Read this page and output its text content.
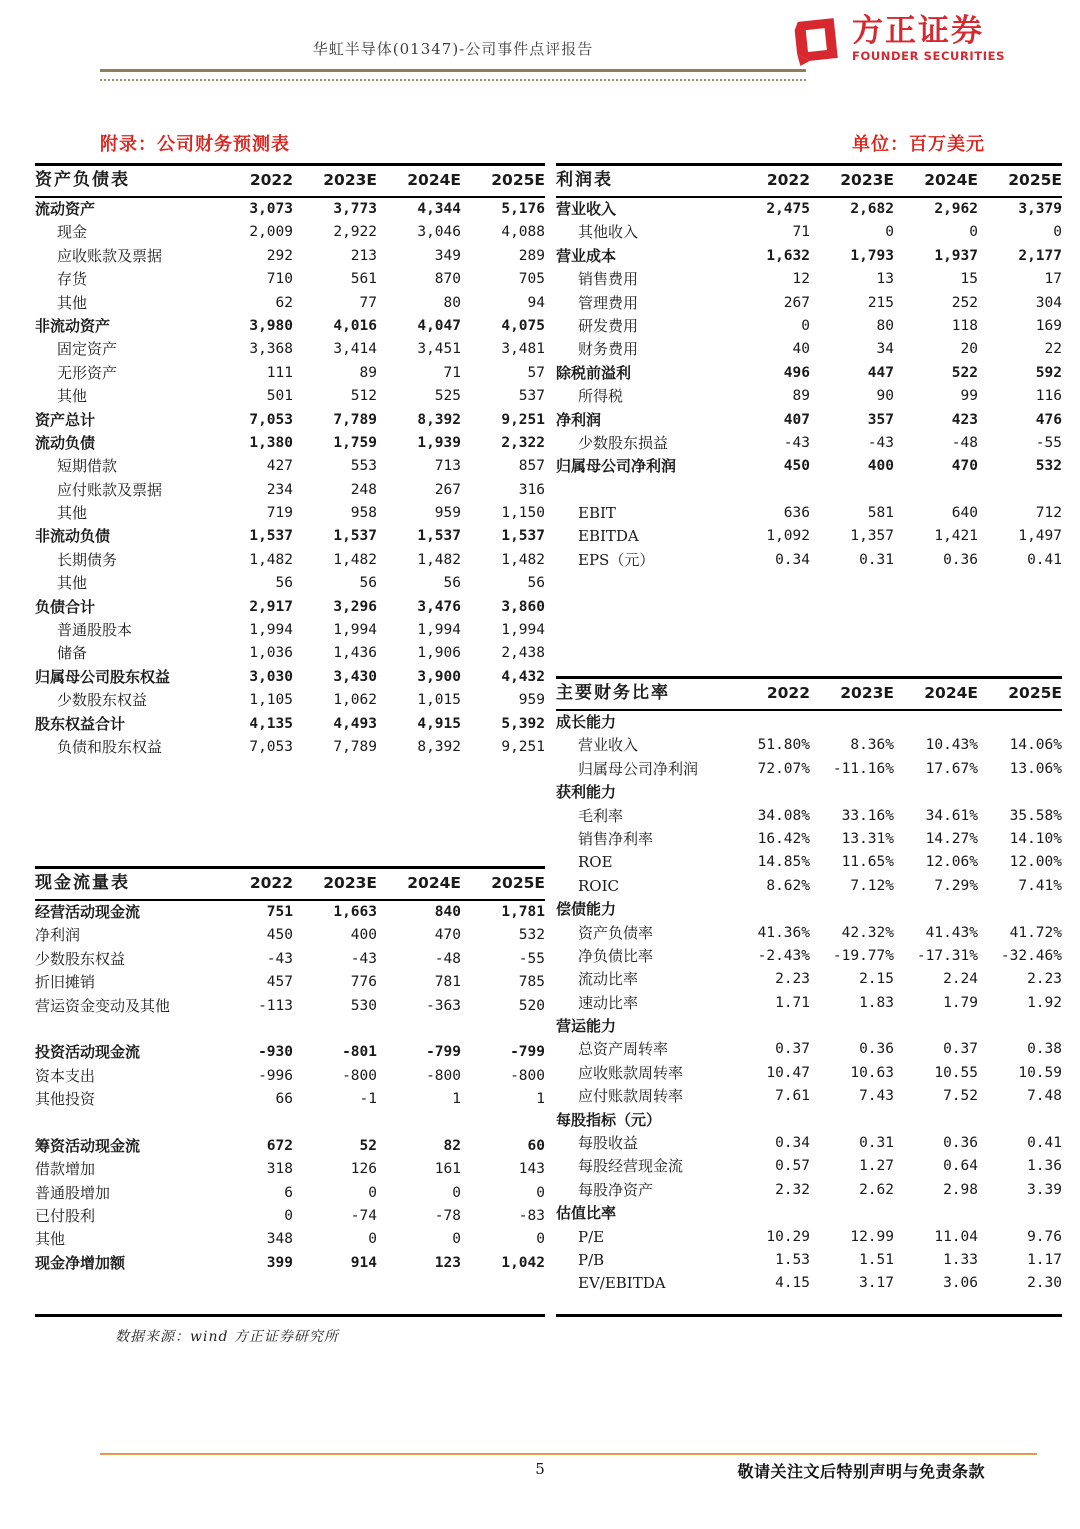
华虹半导体(01347)-公司事件点评报告	方正证券
FOUNDER SECURITIES
附录：公司财务预测表	单位：百万美元
资产负债表	2022	2023E	2024E	2025E
流动资产	3,073	3,773	4,344	5,176
现金	2,009	2,922	3,046	4,088
应收账款及票据	292	213	349	289
存货	710	561	870	705
其他	62	77	80	94
非流动资产	3,980	4,016	4,047	4,075
固定资产	3,368	3,414	3,451	3,481
无形资产	111	89	71	57
其他	501	512	525	537
资产总计	7,053	7,789	8,392	9,251
流动负债	1,380	1,759	1,939	2,322
短期借款	427	553	713	857
应付账款及票据	234	248	267	316
其他	719	958	959	1,150
非流动负债	1,537	1,537	1,537	1,537
长期债务	1,482	1,482	1,482	1,482
其他	56	56	56	56
负债合计	2,917	3,296	3,476	3,860
普通股股本	1,994	1,994	1,994	1,994
储备	1,036	1,436	1,906	2,438
归属母公司股东权益	3,030	3,430	3,900	4,432
少数股东权益	1,105	1,062	1,015	959
股东权益合计	4,135	4,493	4,915	5,392
负债和股东权益	7,053	7,789	8,392	9,251
利润表	2022	2023E	2024E	2025E
营业收入	2,475	2,682	2,962	3,379
其他收入	71	0	0	0
营业成本	1,632	1,793	1,937	2,177
销售费用	12	13	15	17
管理费用	267	215	252	304
研发费用	0	80	118	169
财务费用	40	34	20	22
除税前溢利	496	447	522	592
所得税	89	90	99	116
净利润	407	357	423	476
少数股东损益	-43	-43	-48	-55
归属母公司净利润	450	400	470	532
EBIT	636	581	640	712
EBITDA	1,092	1,357	1,421	1,497
EPS（元）	0.34	0.31	0.36	0.41
现金流量表	2022	2023E	2024E	2025E
经营活动现金流	751	1,663	840	1,781
净利润	450	400	470	532
少数股东权益	-43	-43	-48	-55
折旧摊销	457	776	781	785
营运资金变动及其他	-113	530	-363	520
投资活动现金流	-930	-801	-799	-799
资本支出	-996	-800	-800	-800
其他投资	66	-1	1	1
筹资活动现金流	672	52	82	60
借款增加	318	126	161	143
普通股增加	6	0	0	0
已付股利	0	-74	-78	-83
其他	348	0	0	0
现金净增加额	399	914	123	1,042
主要财务比率	2022	2023E	2024E	2025E
成长能力
营业收入	51.80%	8.36%	10.43%	14.06%
归属母公司净利润	72.07%	-11.16%	17.67%	13.06%
获利能力
毛利率	34.08%	33.16%	34.61%	35.58%
销售净利率	16.42%	13.31%	14.27%	14.10%
ROE	14.85%	11.65%	12.06%	12.00%
ROIC	8.62%	7.12%	7.29%	7.41%
偿债能力
资产负债率	41.36%	42.32%	41.43%	41.72%
净负债比率	-2.43%	-19.77%	-17.31%	-32.46%
流动比率	2.23	2.15	2.24	2.23
速动比率	1.71	1.83	1.79	1.92
营运能力
总资产周转率	0.37	0.36	0.37	0.38
应收账款周转率	10.47	10.63	10.55	10.59
应付账款周转率	7.61	7.43	7.52	7.48
每股指标（元）
每股收益	0.34	0.31	0.36	0.41
每股经营现金流	0.57	1.27	0.64	1.36
每股净资产	2.32	2.62	2.98	3.39
估值比率
P/E	10.29	12.99	11.04	9.76
P/B	1.53	1.51	1.33	1.17
EV/EBITDA	4.15	3.17	3.06	2.30
数据来源：wind 方正证券研究所
5	敬请关注文后特别声明与免责条款
